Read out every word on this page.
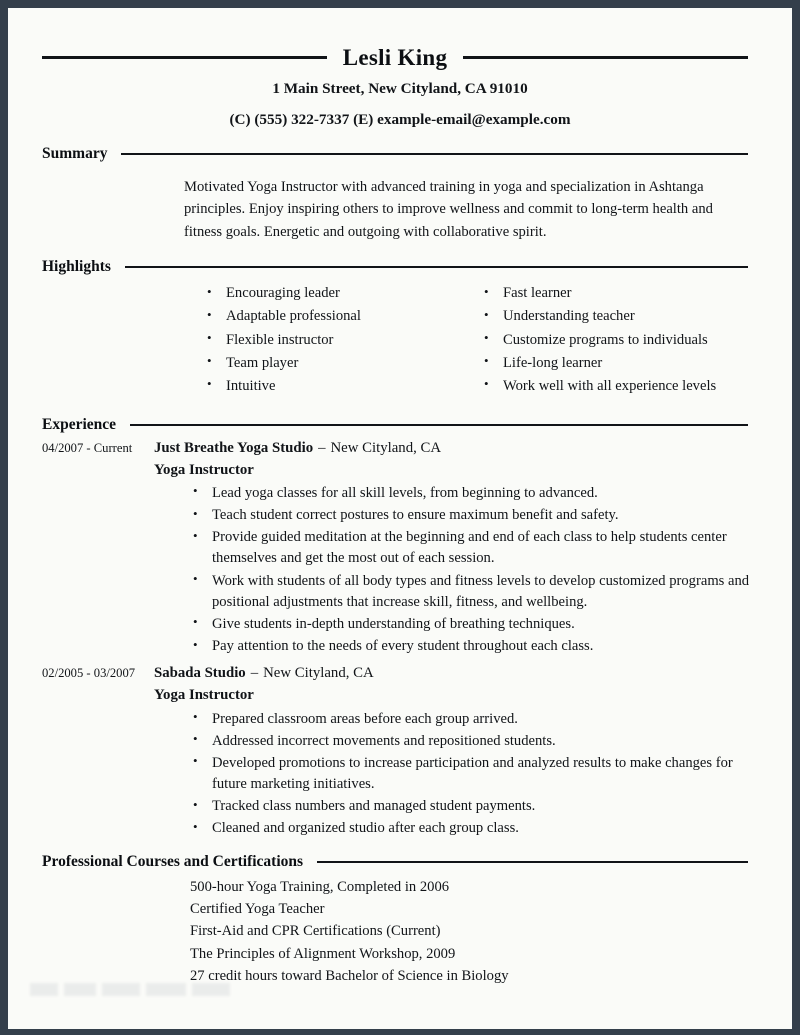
Lesli King
1 Main Street, New Cityland, CA 91010
(C) (555) 322-7337 (E) example-email@example.com
Summary

Motivated Yoga Instructor with advanced training in yoga and specialization in Ashtanga principles. Enjoy inspiring others to improve wellness and commit to long-term health and fitness goals. Energetic and outgoing with collaborative spirit.

Highlights
• Encouraging leader
• Adaptable professional
• Flexible instructor
• Team player
• Intuitive
• Fast learner
• Understanding teacher
• Customize programs to individuals
• Life-long learner
• Work well with all experience levels
Experience
04/2007 - Current	Just Breathe Yoga Studio – New Cityland, CA
Yoga Instructor
• Lead yoga classes for all skill levels, from beginning to advanced.
• Teach student correct postures to ensure maximum benefit and safety.
• Provide guided meditation at the beginning and end of each class to help students center themselves and get the most out of each session.
• Work with students of all body types and fitness levels to develop customized programs and positional adjustments that increase skill, fitness, and wellbeing.
• Give students in-depth understanding of breathing techniques.
• Pay attention to the needs of every student throughout each class.
02/2005 - 03/2007	Sabada Studio – New Cityland, CA
Yoga Instructor
• Prepared classroom areas before each group arrived.
• Addressed incorrect movements and repositioned students.
• Developed promotions to increase participation and analyzed results to make changes for future marketing initiatives.
• Tracked class numbers and managed student payments.
• Cleaned and organized studio after each group class.
Professional Courses and Certifications
500-hour Yoga Training, Completed in 2006
Certified Yoga Teacher
First-Aid and CPR Certifications (Current)
The Principles of Alignment Workshop, 2009
27 credit hours toward Bachelor of Science in Biology
